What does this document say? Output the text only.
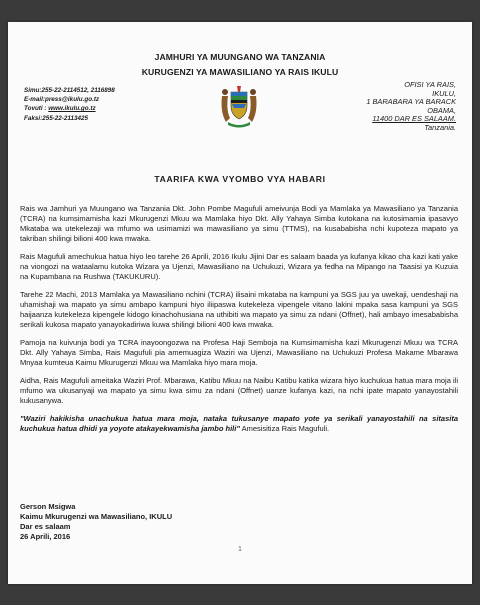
JAMHURI YA MUUNGANO WA TANZANIA
KURUGENZI YA MAWASILIANO YA RAIS IKULU
Simu:255-22-2114512, 2116898
E-mail:press@ikulu.go.tz
Tovuti : www.ikulu.go.tz
Faksi:255-22-2113425
OFISI YA RAIS,
IKULU,
1 BARABARA YA BARACK
OBAMA,
11400 DAR ES SALAAM.
Tanzania.
TAARIFA KWA VYOMBO VYA HABARI

Rais wa Jamhuri ya Muungano wa Tanzania Dkt. John Pombe Magufuli ameivunja Bodi ya Mamlaka ya Mawasiliano ya Tanzania (TCRA) na kumsimamisha kazi Mkurugenzi Mkuu wa Mamlaka hiyo Dkt. Ally Yahaya Simba kutokana na kutosimamia ipasavyo Mkataba wa utekelezaji wa mfumo wa usimamizi wa mawasiliano ya simu (TTMS), na kusababisha nchi kupoteza mapato ya takriban shilingi bilioni 400 kwa mwaka.

Rais Magufuli amechukua hatua hiyo leo tarehe 26 Aprili, 2016 Ikulu Jijini Dar es salaam baada ya kufanya kikao cha kazi kati yake na viongozi na wataalamu kutoka Wizara ya Ujenzi, Mawasiliano na Uchukuzi, Wizara ya fedha na Mipango na Taasisi ya Kuzuia na Kupambana na Rushwa (TAKUKURU).

Tarehe 22 Machi, 2013 Mamlaka ya Mawasiliano nchini (TCRA) ilisaini mkataba na kampuni ya SGS juu ya uwekaji, uendeshaji na uhamishaji wa mapato ya simu ambapo kampuni hiyo iliipaswa kutekeleza vipengele vitano lakini mpaka sasa kampuni ya SGS haijaanza kutekeleza kipengele kidogo kinachohusiana na uthibiti wa mapato ya simu za ndani (Offnet), hali ambayo imesababisha serikali kukosa mapato yanayokadiriwa kuwa shilingi bilioni 400 kwa mwaka.

Pamoja na kuivunja bodi ya TCRA inayoongozwa na Profesa Haji Semboja na Kumsimamisha kazi Mkurugenzi Mkuu wa TCRA Dkt. Ally Yahaya Simba, Rais Magufuli pia amemuagiza Waziri wa Ujenzi, Mawasiliano na Uchukuzi Profesa Makame Mbarawa Mnyaa kumteua Kaimu Mkurugenzi Mkuu wa Mamlaka hiyo mara moja.

Aidha, Rais Magufuli ameitaka Waziri Prof. Mbarawa, Katibu Mkuu na Naibu Katibu katika wizara hiyo kuchukua hatua mara moja ili mfumo wa ukusanyaji wa mapato ya simu kwa simu za ndani (Offnet) uanze kufanya kazi, na nchi ipate mapato yanayostahili kukusanywa.

"Waziri hakikisha unachukua hatua mara moja, nataka tukusanye mapato yote ya serikali yanayostahili na sitasita kuchukua hatua dhidi ya yoyote atakayekwamisha jambo hili" Amesisitiza Rais Magufuli.

Gerson Msigwa
Kaimu Mkurugenzi wa Mawasiliano, IKULU
Dar es salaam
26 Aprili, 2016
1
